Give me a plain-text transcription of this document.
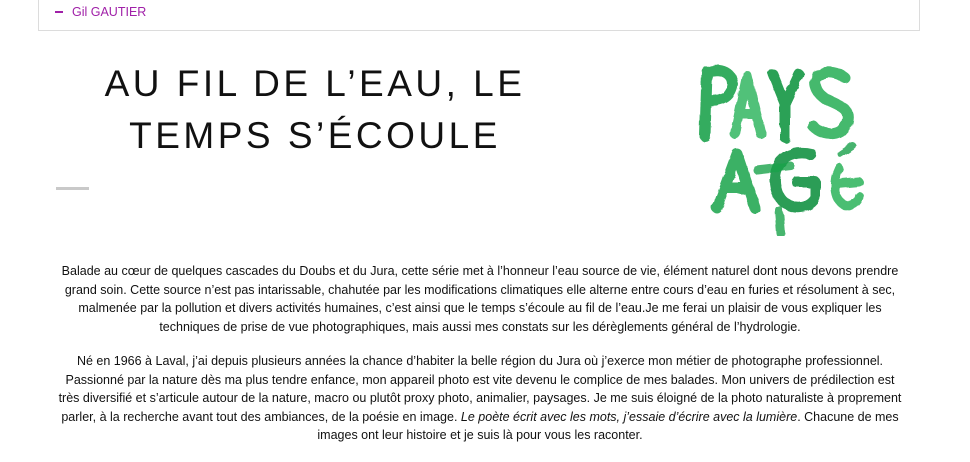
Gil GAUTIER
AU FIL DE L’EAU, LE
TEMPS S’ÉCOULE

Balade au cœur de quelques cascades du Doubs et du Jura, cette série met à l’honneur l’eau source de vie, élément naturel dont nous devons prendre grand soin. Cette source n’est pas intarissable, chahutée par les modifications climatiques elle alterne entre cours d’eau en furies et résolument à sec, malmenée par la pollution et divers activités humaines, c’est ainsi que le temps s’écoule au fil de l’eau.Je me ferai un plaisir de vous expliquer les techniques de prise de vue photographiques, mais aussi mes constats sur les dérèglements général de l’hydrologie.

Né en 1966 à Laval, j’ai depuis plusieurs années la chance d’habiter la belle région du Jura où j’exerce mon métier de photographe professionnel. Passionné par la nature dès ma plus tendre enfance, mon appareil photo est vite devenu le complice de mes balades. Mon univers de prédilection est très diversifié et s’articule autour de la nature, macro ou plutôt proxy photo, animalier, paysages. Je me suis éloigné de la photo naturaliste à proprement parler, à la recherche avant tout des ambiances, de la poésie en image. Le poète écrit avec les mots, j’essaie d’écrire avec la lumière. Chacune de mes images ont leur histoire et je suis là pour vous les raconter.
